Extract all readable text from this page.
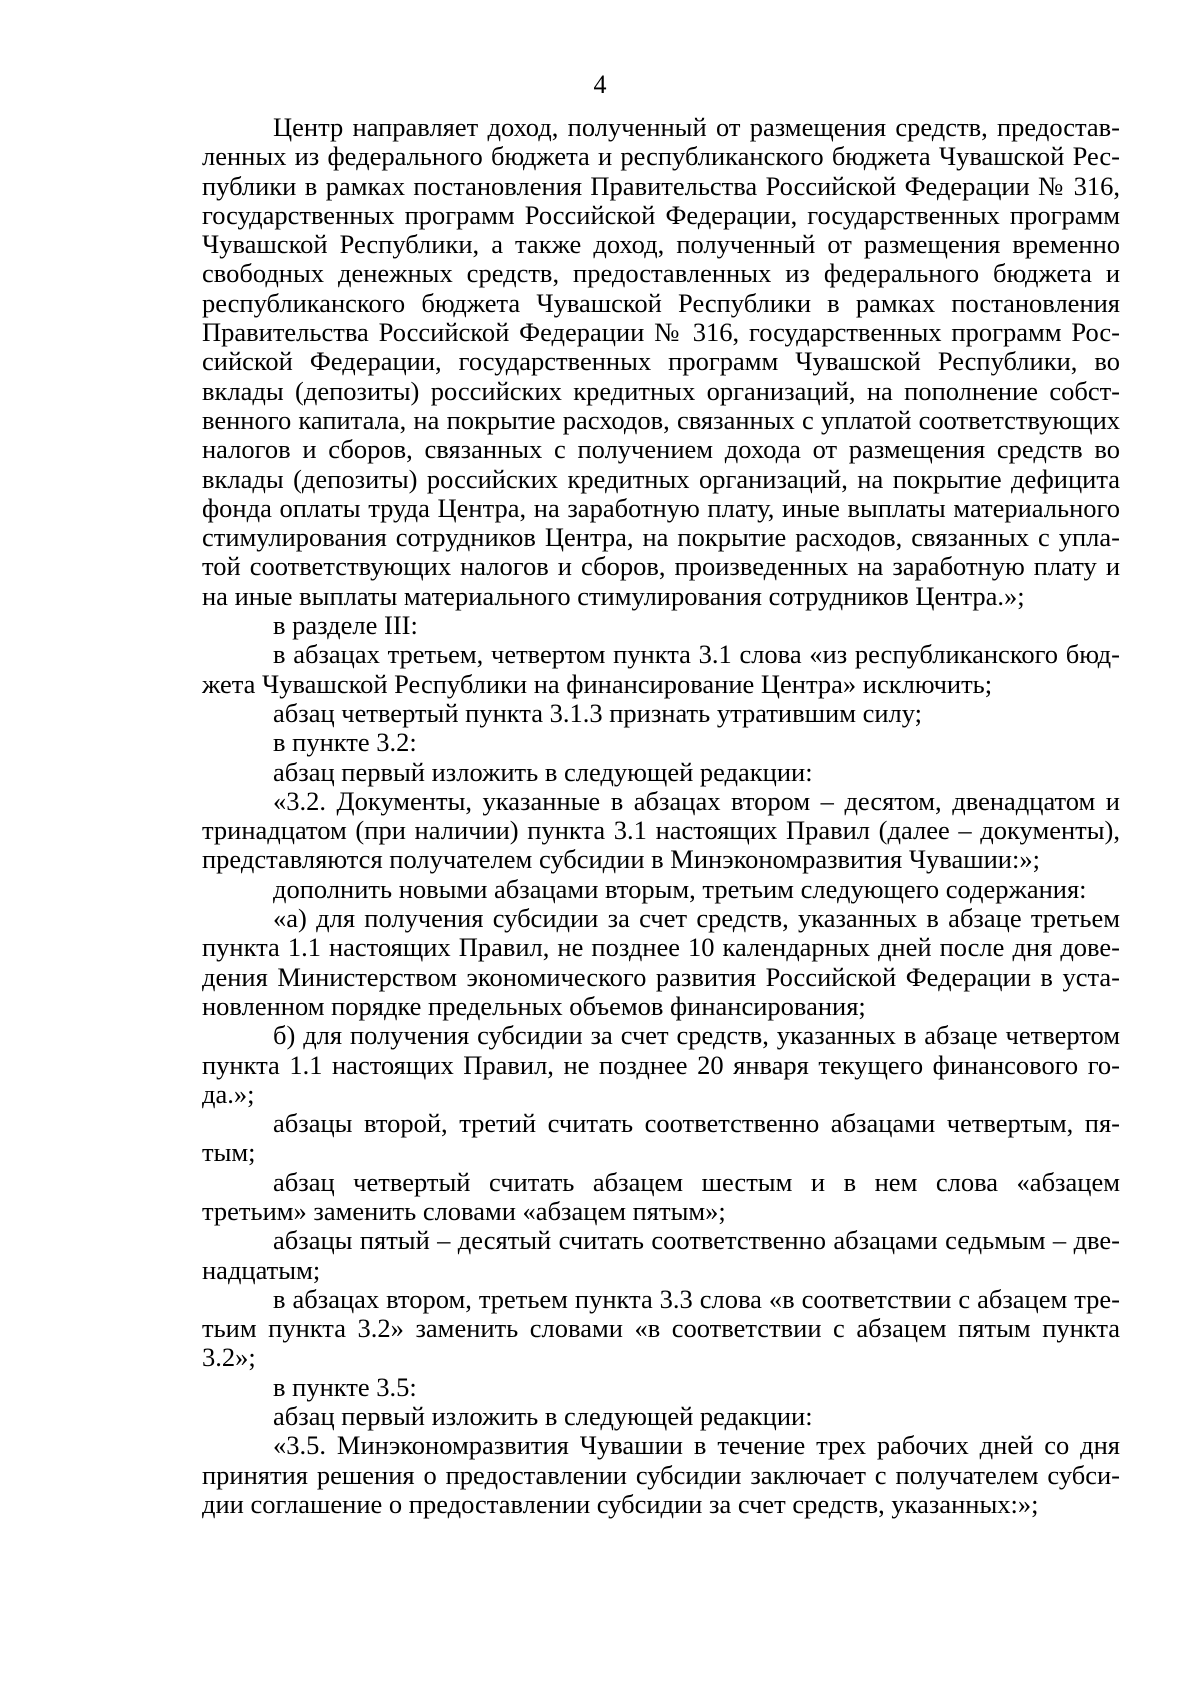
4

Центр направляет доход, полученный от размещения средств, предоставленных из федерального бюджета и республиканского бюджета Чувашской Республики в рамках постановления Правительства Российской Федерации № 316, государственных программ Российской Федерации, государственных программ Чувашской Республики, а также доход, полученный от размещения временно свободных денежных средств, предоставленных из федерального бюджета и республиканского бюджета Чувашской Республики в рамках постановления Правительства Российской Федерации № 316, государственных программ Российской Федерации, государственных программ Чувашской Республики, во вклады (депозиты) российских кредитных организаций, на пополнение собственного капитала, на покрытие расходов, связанных с уплатой соответствующих налогов и сборов, связанных с получением дохода от размещения средств во вклады (депозиты) российских кредитных организаций, на покрытие дефицита фонда оплаты труда Центра, на заработную плату, иные выплаты материального стимулирования сотрудников Центра, на покрытие расходов, связанных с уплатой соответствующих налогов и сборов, произведенных на заработную плату и на иные выплаты материального стимулирования сотрудников Центра.»;

в разделе III:

в абзацах третьем, четвертом пункта 3.1 слова «из республиканского бюджета Чувашской Республики на финансирование Центра» исключить;

абзац четвертый пункта 3.1.3 признать утратившим силу;

в пункте 3.2:

абзац первый изложить в следующей редакции:

«3.2. Документы, указанные в абзацах втором – десятом, двенадцатом и тринадцатом (при наличии) пункта 3.1 настоящих Правил (далее – документы), представляются получателем субсидии в Минэкономразвития Чувашии:»;

дополнить новыми абзацами вторым, третьим следующего содержания:

«а) для получения субсидии за счет средств, указанных в абзаце третьем пункта 1.1 настоящих Правил, не позднее 10 календарных дней после дня доведения Министерством экономического развития Российской Федерации в установленном порядке предельных объемов финансирования;

б) для получения субсидии за счет средств, указанных в абзаце четвертом пункта 1.1 настоящих Правил, не позднее 20 января текущего финансового года.»;

абзацы второй, третий считать соответственно абзацами четвертым, пятым;

абзац четвертый считать абзацем шестым и в нем слова «абзацем третьим» заменить словами «абзацем пятым»;

абзацы пятый – десятый считать соответственно абзацами седьмым – двенадцатым;

в абзацах втором, третьем пункта 3.3 слова «в соответствии с абзацем третьим пункта 3.2» заменить словами «в соответствии с абзацем пятым пункта 3.2»;

в пункте 3.5:

абзац первый изложить в следующей редакции:

«3.5. Минэкономразвития Чувашии в течение трех рабочих дней со дня принятия решения о предоставлении субсидии заключает с получателем субсидии соглашение о предоставлении субсидии за счет средств, указанных:»;
